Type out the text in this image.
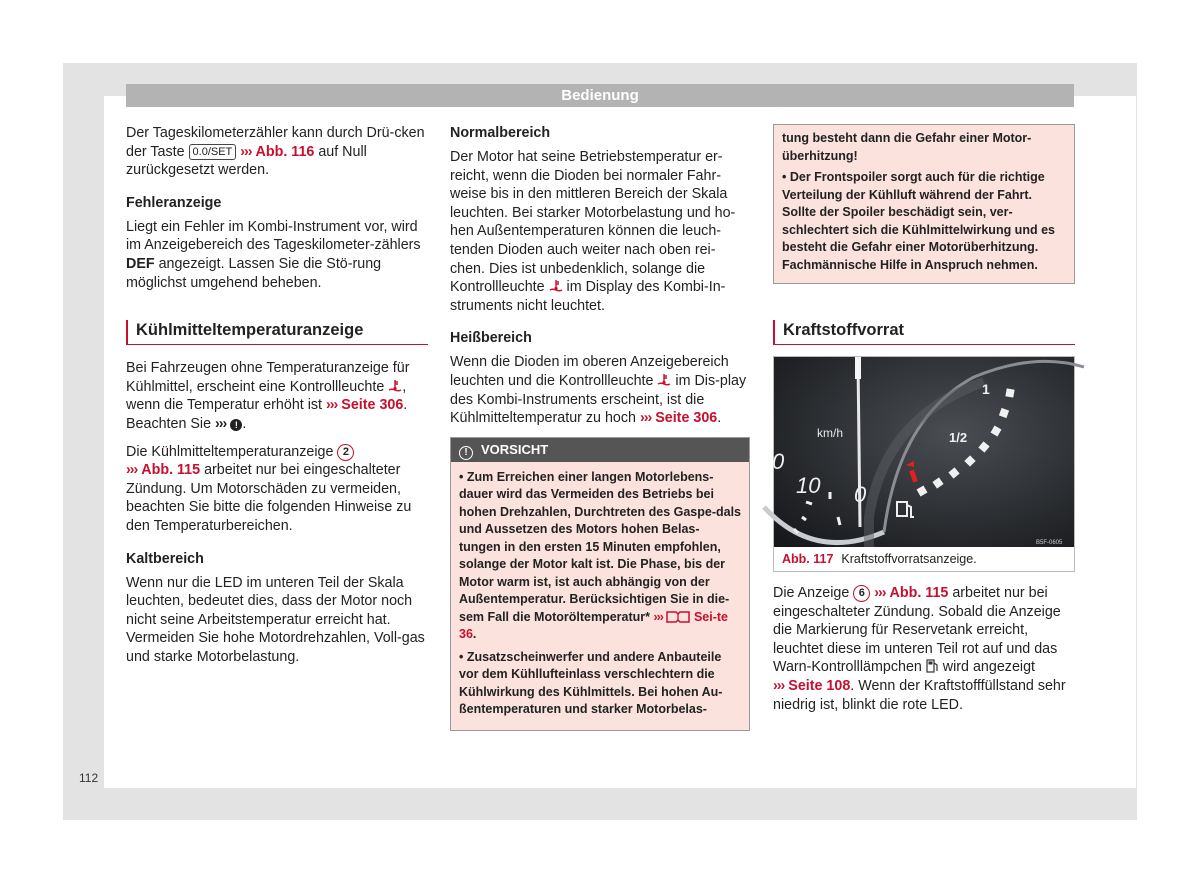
Bedienung
112

Der Tageskilometerzähler kann durch Drü-cken der Taste 0.0/SET ››› Abb. 116 auf Null zurückgesetzt werden.

Fehleranzeige

Liegt ein Fehler im Kombi-Instrument vor, wird im Anzeigebereich des Tageskilometer-zählers DEF angezeigt. Lassen Sie die Stö-rung möglichst umgehend beheben.

Kühlmitteltemperaturanzeige

Bei Fahrzeugen ohne Temperaturanzeige für Kühlmittel, erscheint eine Kontrollleuchte , wenn die Temperatur erhöht ist ››› Seite 306. Beachten Sie ››› ! .

Die Kühlmitteltemperaturanzeige 2
››› Abb. 115 arbeitet nur bei eingeschalteter Zündung. Um Motorschäden zu vermeiden, beachten Sie bitte die folgenden Hinweise zu den Temperaturbereichen.

Kaltbereich

Wenn nur die LED im unteren Teil der Skala leuchten, bedeutet dies, dass der Motor noch nicht seine Arbeitstemperatur erreicht hat. Vermeiden Sie hohe Motordrehzahlen, Voll-gas und starke Motorbelastung.

Normalbereich

Der Motor hat seine Betriebstemperatur er-reicht, wenn die Dioden bei normaler Fahr-weise bis in den mittleren Bereich der Skala leuchten. Bei starker Motorbelastung und ho-hen Außentemperaturen können die leuch-tenden Dioden auch weiter nach oben rei-chen. Dies ist unbedenklich, solange die Kontrollleuchte  im Display des Kombi-In-struments nicht leuchtet.

Heißbereich

Wenn die Dioden im oberen Anzeigebereich leuchten und die Kontrollleuchte  im Dis-play des Kombi-Instruments erscheint, ist die Kühlmitteltemperatur zu hoch ››› Seite 306.

! VORSICHT

• Zum Erreichen einer langen Motorlebens-dauer wird das Vermeiden des Betriebs bei hohen Drehzahlen, Durchtreten des Gaspe-dals und Aussetzen des Motors hohen Belas-tungen in den ersten 15 Minuten empfohlen, solange der Motor kalt ist. Die Phase, bis der Motor warm ist, ist auch abhängig von der Außentemperatur. Berücksichtigen Sie in die-sem Fall die Motoröltemperatur* ››› Sei-te 36.

• Zusatzscheinwerfer und andere Anbauteile vor dem Kühllufteinlass verschlechtern die Kühlwirkung des Kühlmittels. Bei hohen Au-ßentemperaturen und starker Motorbelas-

tung besteht dann die Gefahr einer Motor-überhitzung!

• Der Frontspoiler sorgt auch für die richtige Verteilung der Kühlluft während der Fahrt. Sollte der Spoiler beschädigt sein, ver-schlechtert sich die Kühlmittelwirkung und es besteht die Gefahr einer Motorüberhitzung. Fachmännische Hilfe in Anspruch nehmen.

Kraftstoffvorrat
km/h
0
10 0
1
1/2
B5F-0605
Abb. 117 Kraftstoffvorratsanzeige.
Die Anzeige 6 ››› Abb. 115 arbeitet nur bei eingeschalteter Zündung. Sobald die Anzeige die Markierung für Reservetank erreicht, leuchtet diese im unteren Teil rot auf und das Warn-Kontrolllämpchen  wird angezeigt
››› Seite 108. Wenn der Kraftstofffüllstand sehr niedrig ist, blinkt die rote LED.
